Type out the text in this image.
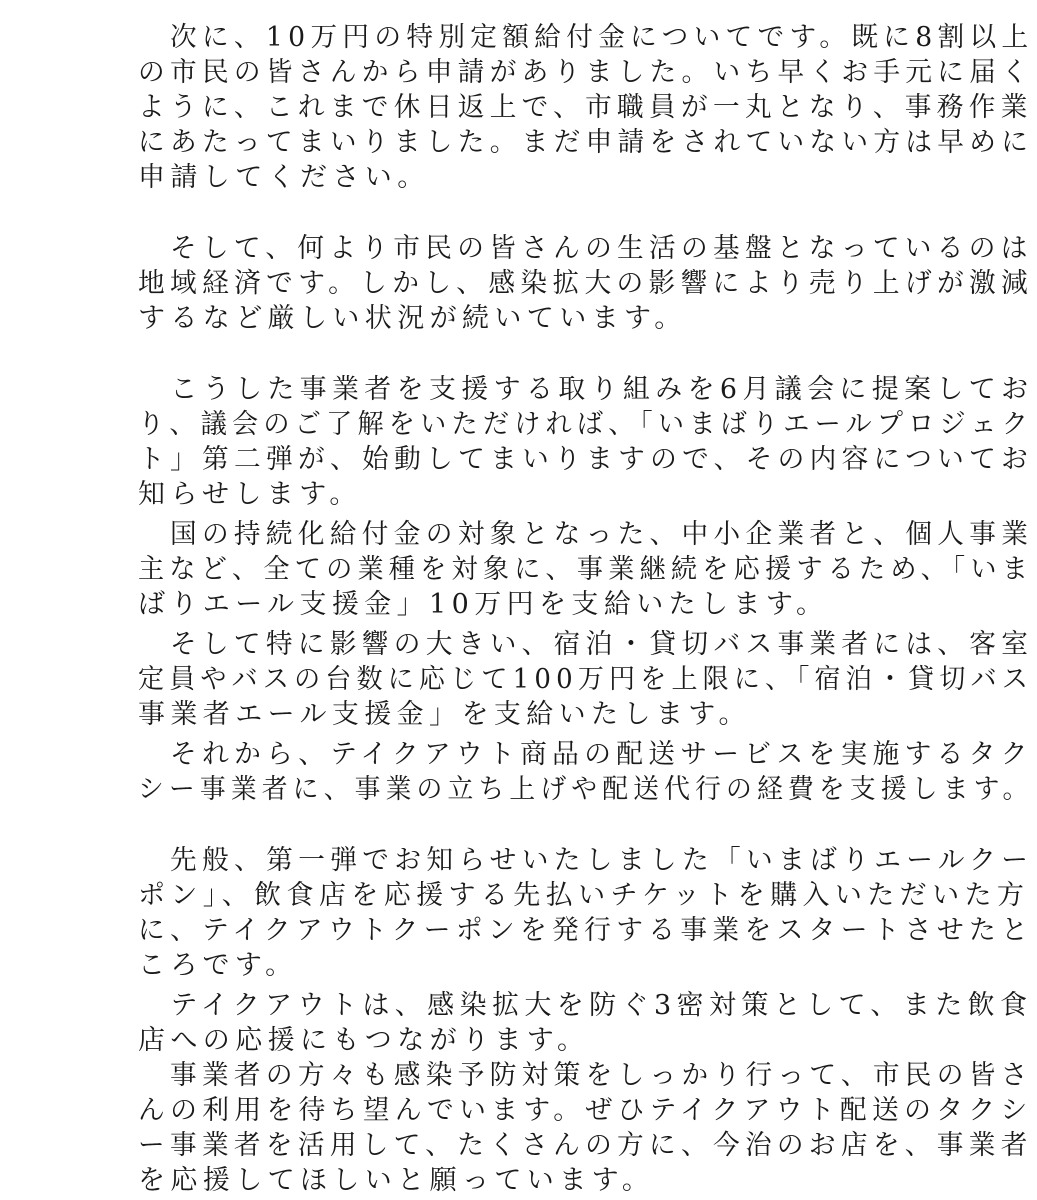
　次に、10万円の特別定額給付金についてです。既に8割以上
の市民の皆さんから申請がありました。いち早くお手元に届く
ように、これまで休日返上で、市職員が一丸となり、事務作業
にあたってまいりました。まだ申請をされていない方は早めに
申請してください。
　そして、何より市民の皆さんの生活の基盤となっているのは
地域経済です。しかし、感染拡大の影響により売り上げが激減
するなど厳しい状況が続いています。
　こうした事業者を支援する取り組みを6月議会に提案してお
り、議会のご了解をいただければ、「いまばりエールプロジェク
ト」第二弾が、始動してまいりますので、その内容についてお
知らせします。
　国の持続化給付金の対象となった、中小企業者と、個人事業
主など、全ての業種を対象に、事業継続を応援するため、「いま
ばりエール支援金」10万円を支給いたします。
　そして特に影響の大きい、宿泊・貸切バス事業者には、客室
定員やバスの台数に応じて100万円を上限に、「宿泊・貸切バス
事業者エール支援金」を支給いたします。
　それから、テイクアウト商品の配送サービスを実施するタク
シー事業者に、事業の立ち上げや配送代行の経費を支援します。
　先般、第一弾でお知らせいたしました「いまばりエールクー
ポン」、飲食店を応援する先払いチケットを購入いただいた方
に、テイクアウトクーポンを発行する事業をスタートさせたと
ころです。
　テイクアウトは、感染拡大を防ぐ3密対策として、また飲食
店への応援にもつながります。
　事業者の方々も感染予防対策をしっかり行って、市民の皆さ
んの利用を待ち望んでいます。ぜひテイクアウト配送のタクシ
ー事業者を活用して、たくさんの方に、今治のお店を、事業者
を応援してほしいと願っています。
